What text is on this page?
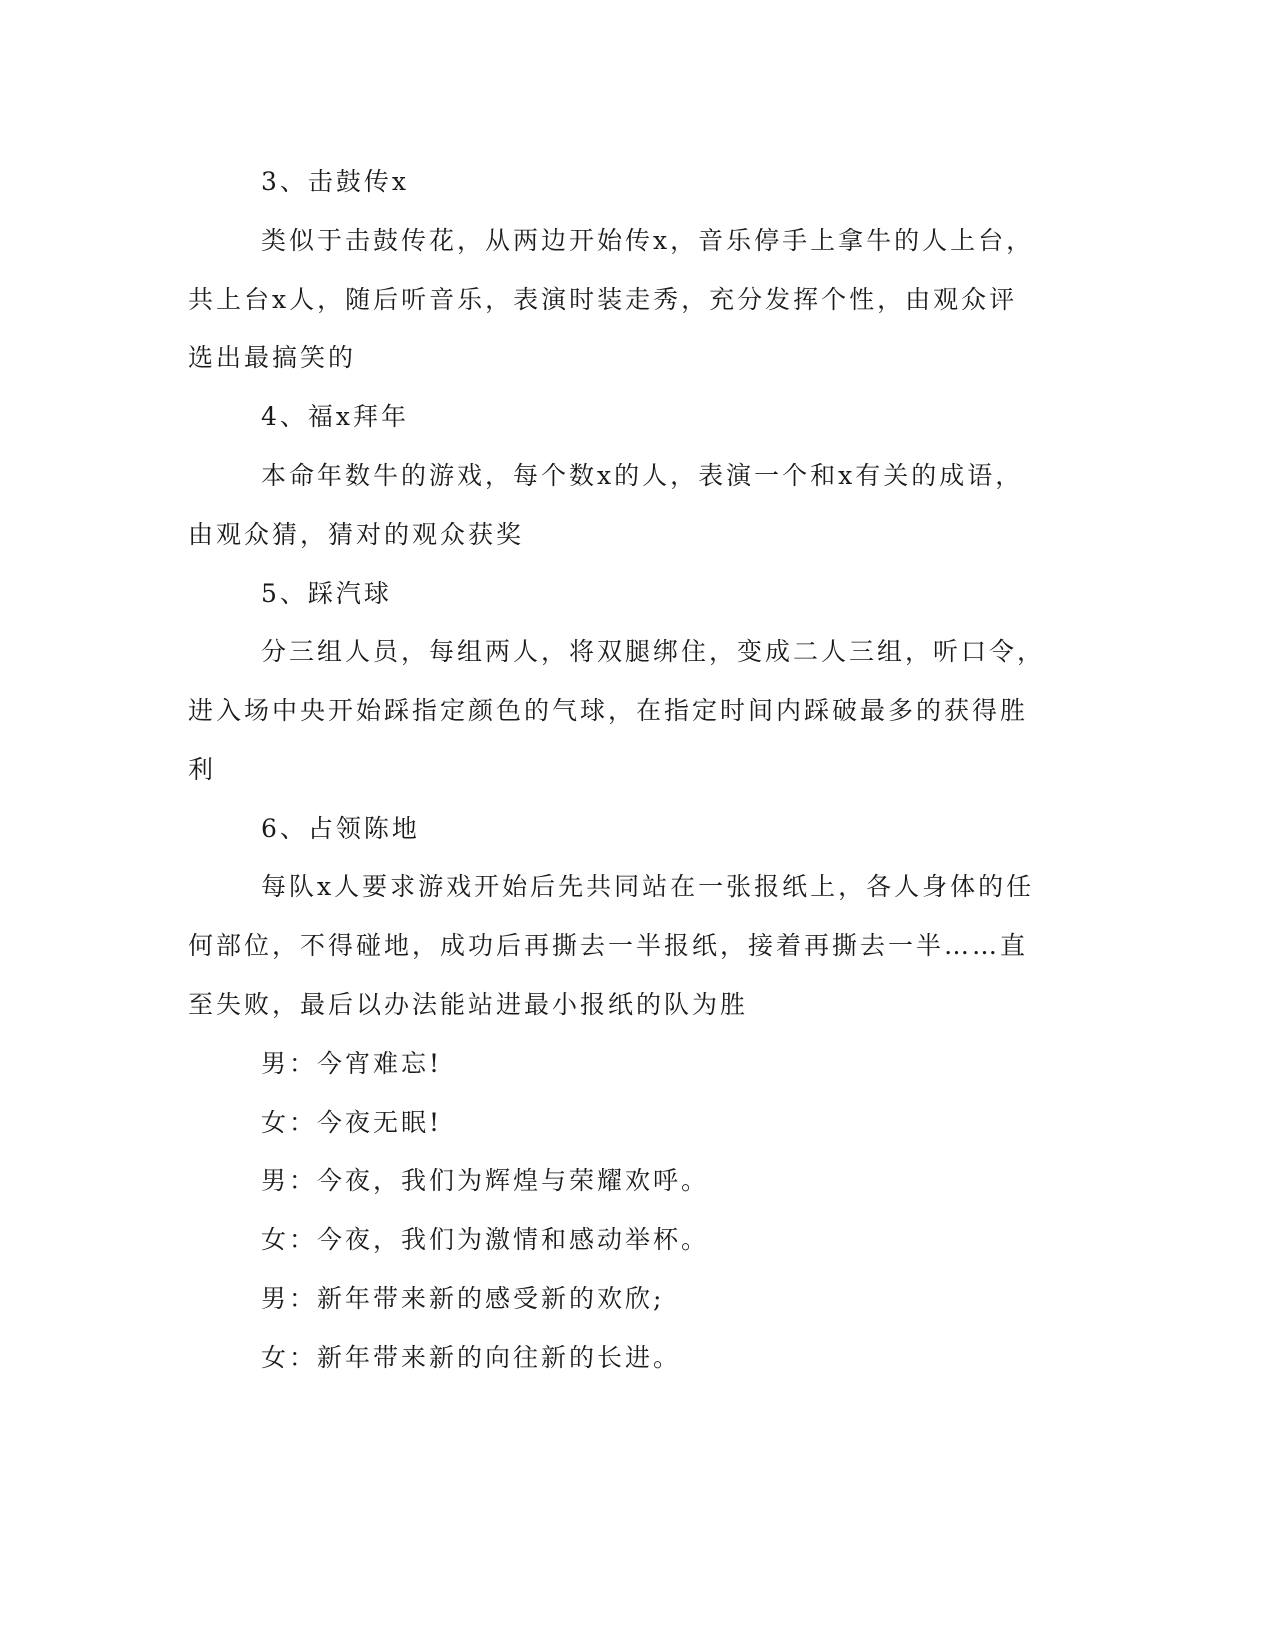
3、击鼓传x
类似于击鼓传花，从两边开始传x，音乐停手上拿牛的人上台，
共上台x人，随后听音乐，表演时装走秀，充分发挥个性，由观众评
选出最搞笑的
4、福x拜年
本命年数牛的游戏，每个数x的人，表演一个和x有关的成语，
由观众猜，猜对的观众获奖
5、踩汽球
分三组人员，每组两人，将双腿绑住，变成二人三组，听口令，
进入场中央开始踩指定颜色的气球，在指定时间内踩破最多的获得胜
利
6、占领陈地
每队x人要求游戏开始后先共同站在一张报纸上，各人身体的任
何部位，不得碰地，成功后再撕去一半报纸，接着再撕去一半……直
至失败，最后以办法能站进最小报纸的队为胜
男：今宵难忘!
女：今夜无眠!
男：今夜，我们为辉煌与荣耀欢呼。
女：今夜，我们为激情和感动举杯。
男：新年带来新的感受新的欢欣;
女：新年带来新的向往新的长进。
